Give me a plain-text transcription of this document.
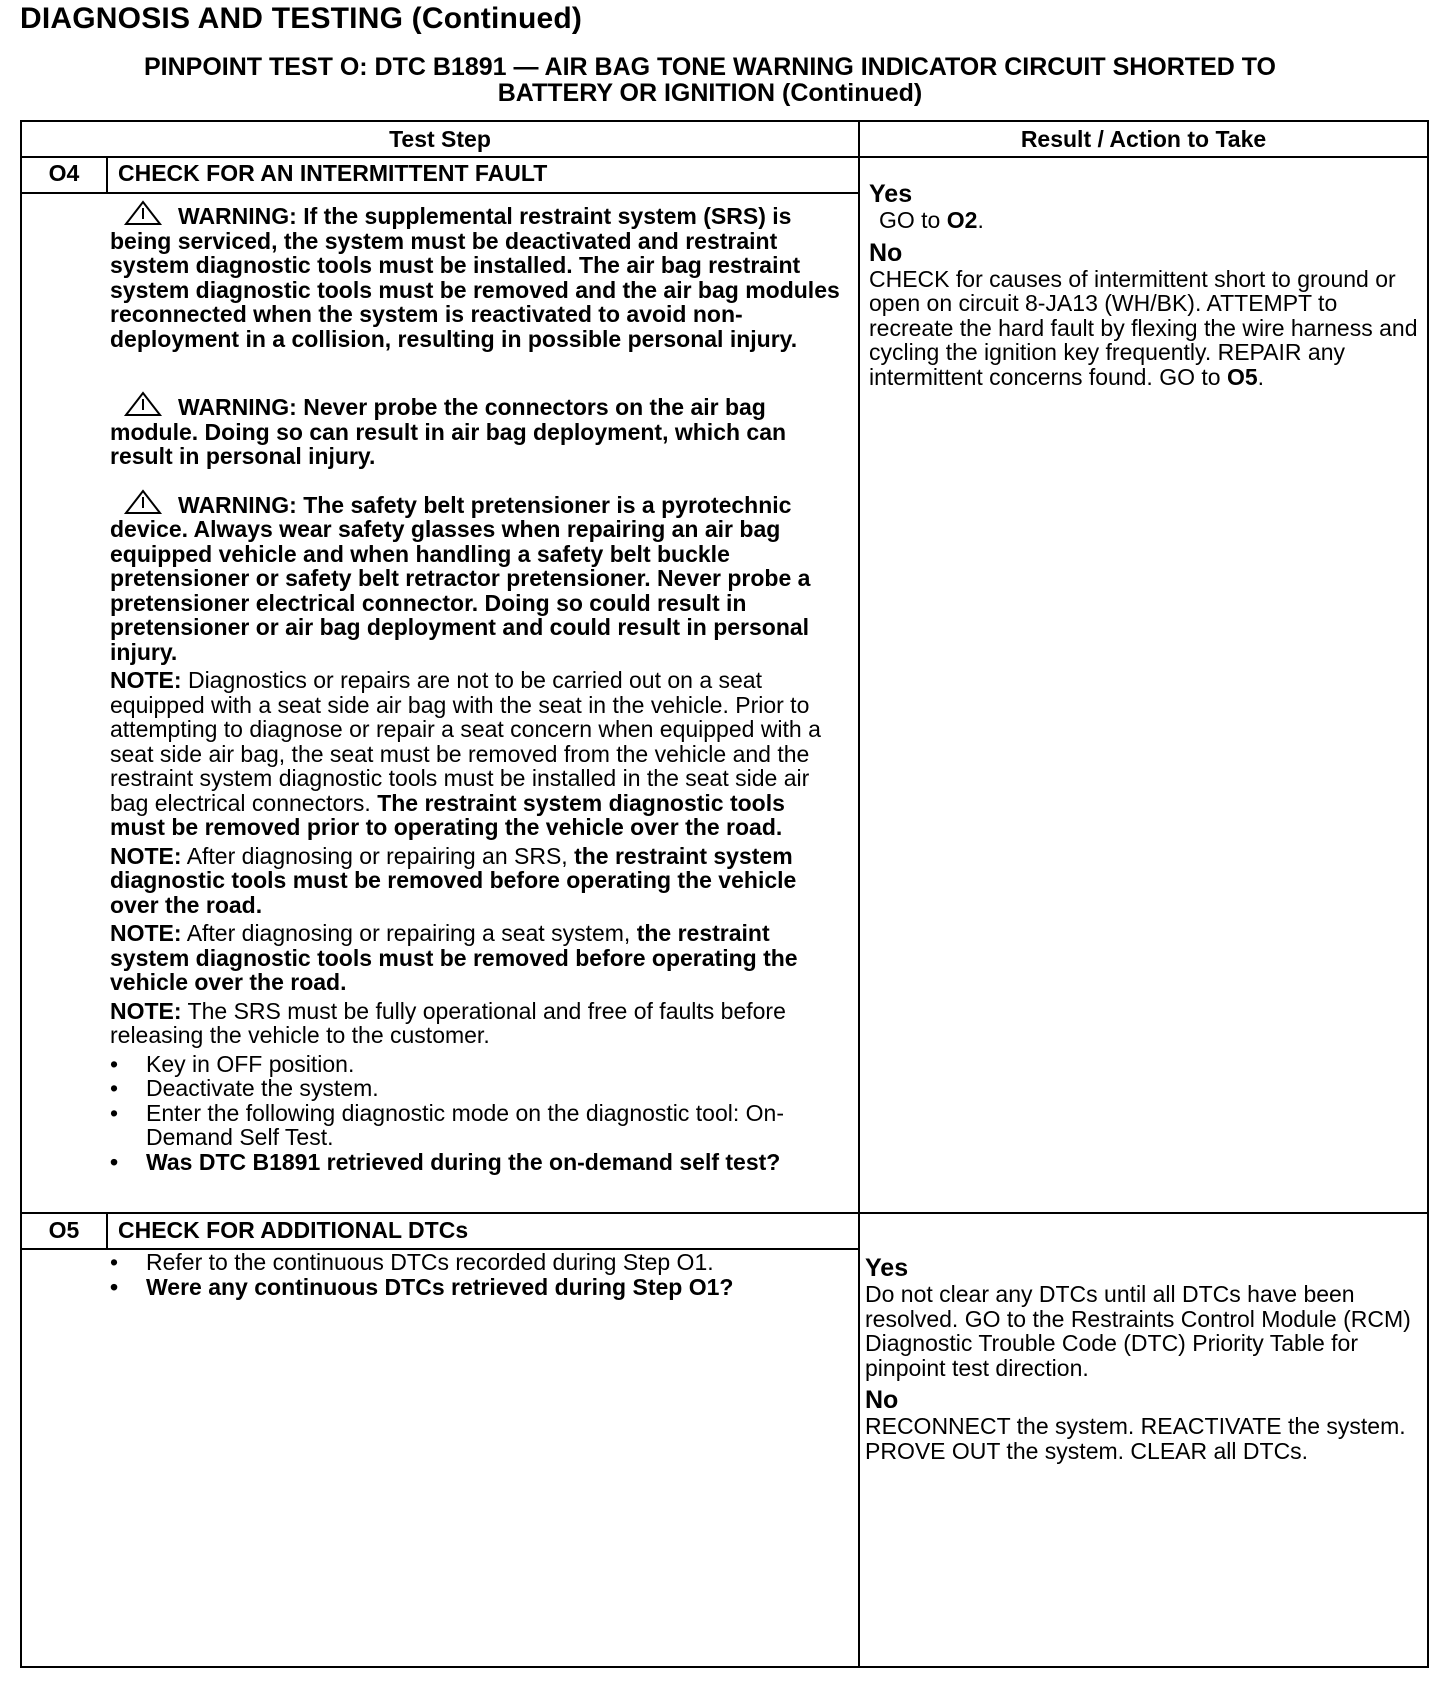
DIAGNOSIS AND TESTING (Continued)
PINPOINT TEST O: DTC B1891 — AIR BAG TONE WARNING INDICATOR CIRCUIT SHORTED TO
BATTERY OR IGNITION (Continued)
Test Step	Result / Action to Take
O4	CHECK FOR AN INTERMITTENT FAULT

WARNING: If the supplemental restraint system (SRS) is being serviced, the system must be deactivated and restraint system diagnostic tools must be installed. The air bag restraint system diagnostic tools must be removed and the air bag modules reconnected when the system is reactivated to avoid non-deployment in a collision, resulting in possible personal injury.

WARNING: Never probe the connectors on the air bag module. Doing so can result in air bag deployment, which can result in personal injury.

WARNING: The safety belt pretensioner is a pyrotechnic device. Always wear safety glasses when repairing an air bag equipped vehicle and when handling a safety belt buckle pretensioner or safety belt retractor pretensioner. Never probe a pretensioner electrical connector. Doing so could result in pretensioner or air bag deployment and could result in personal injury.

NOTE: Diagnostics or repairs are not to be carried out on a seat equipped with a seat side air bag with the seat in the vehicle. Prior to attempting to diagnose or repair a seat concern when equipped with a seat side air bag, the seat must be removed from the vehicle and the restraint system diagnostic tools must be installed in the seat side air bag electrical connectors. The restraint system diagnostic tools must be removed prior to operating the vehicle over the road.

NOTE: After diagnosing or repairing an SRS, the restraint system diagnostic tools must be removed before operating the vehicle over the road.

NOTE: After diagnosing or repairing a seat system, the restraint system diagnostic tools must be removed before operating the vehicle over the road.

NOTE: The SRS must be fully operational and free of faults before releasing the vehicle to the customer.

• Key in OFF position.
• Deactivate the system.
• Enter the following diagnostic mode on the diagnostic tool: On-Demand Self Test.
• Was DTC B1891 retrieved during the on-demand self test?
Yes
GO to O2.
No
CHECK for causes of intermittent short to ground or open on circuit 8-JA13 (WH/BK). ATTEMPT to recreate the hard fault by flexing the wire harness and cycling the ignition key frequently. REPAIR any intermittent concerns found. GO to O5.
O5	CHECK FOR ADDITIONAL DTCs
• Refer to the continuous DTCs recorded during Step O1.
• Were any continuous DTCs retrieved during Step O1?
Yes
Do not clear any DTCs until all DTCs have been resolved. GO to the Restraints Control Module (RCM) Diagnostic Trouble Code (DTC) Priority Table for pinpoint test direction.
No
RECONNECT the system. REACTIVATE the system. PROVE OUT the system. CLEAR all DTCs.
